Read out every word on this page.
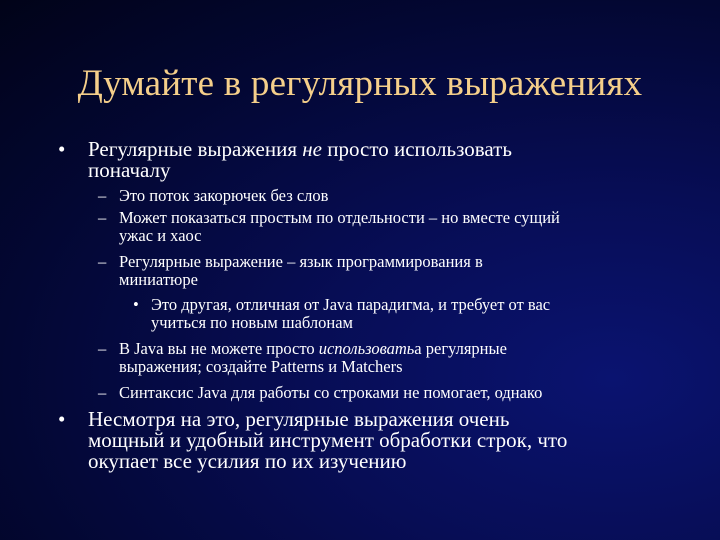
Думайте в регулярных выражениях
• Регулярные выражения не просто использовать
поначалу
– Это поток закорючек без слов
– Может показаться простым по отдельности – но вместе сущий
ужас и хаос
– Регулярные выражение – язык программирования в
миниатюре
• Это другая, отличная от Java парадигма, и требует от вас
учиться по новым шаблонам
– В Java вы не можете просто использоватьа регулярные
выражения; создайте Patterns и Matchers
– Синтаксис Java для работы со строками не помогает, однако
• Несмотря на это, регулярные выражения очень
мощный и удобный инструмент обработки строк, что
окупает все усилия по их изучению
